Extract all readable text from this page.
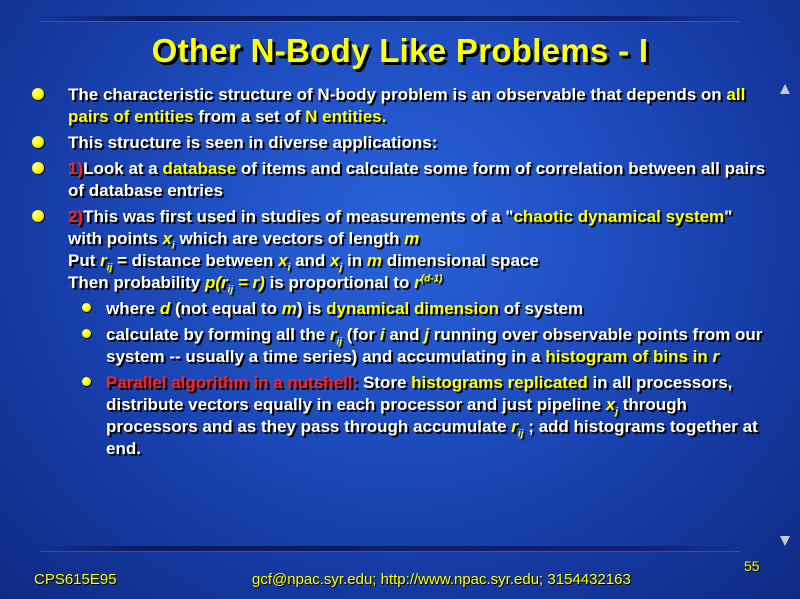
Other N-Body Like Problems - I
The characteristic structure of N-body problem is an observable that depends on all pairs of entities from a set of N entities.
This structure is seen in diverse applications:
1)Look at a database of items and calculate some form of correlation between all pairs of database entries
2)This was first used in studies of measurements of a "chaotic dynamical system" with points $x_i$ which are vectors of length m
Put $r_{ij}$ = distance between $x_i$ and $x_j$ in m dimensional space
Then probability $p(r_{ij} = r)$ is proportional to $r^{(d-1)}$
where d (not equal to m) is dynamical dimension of system
calculate by forming all the $r_{ij}$ (for i and j running over observable points from our system -- usually a time series) and accumulating in a histogram of bins in r
Parallel algorithm in a nutshell: Store histograms replicated in all processors, distribute vectors equally in each processor and just pipeline $x_j$ through processors and as they pass through accumulate $r_{ij}$ ; add histograms together at end.
CPS615E95	gcf@npac.syr.edu; http://www.npac.syr.edu; 3154432163
55
